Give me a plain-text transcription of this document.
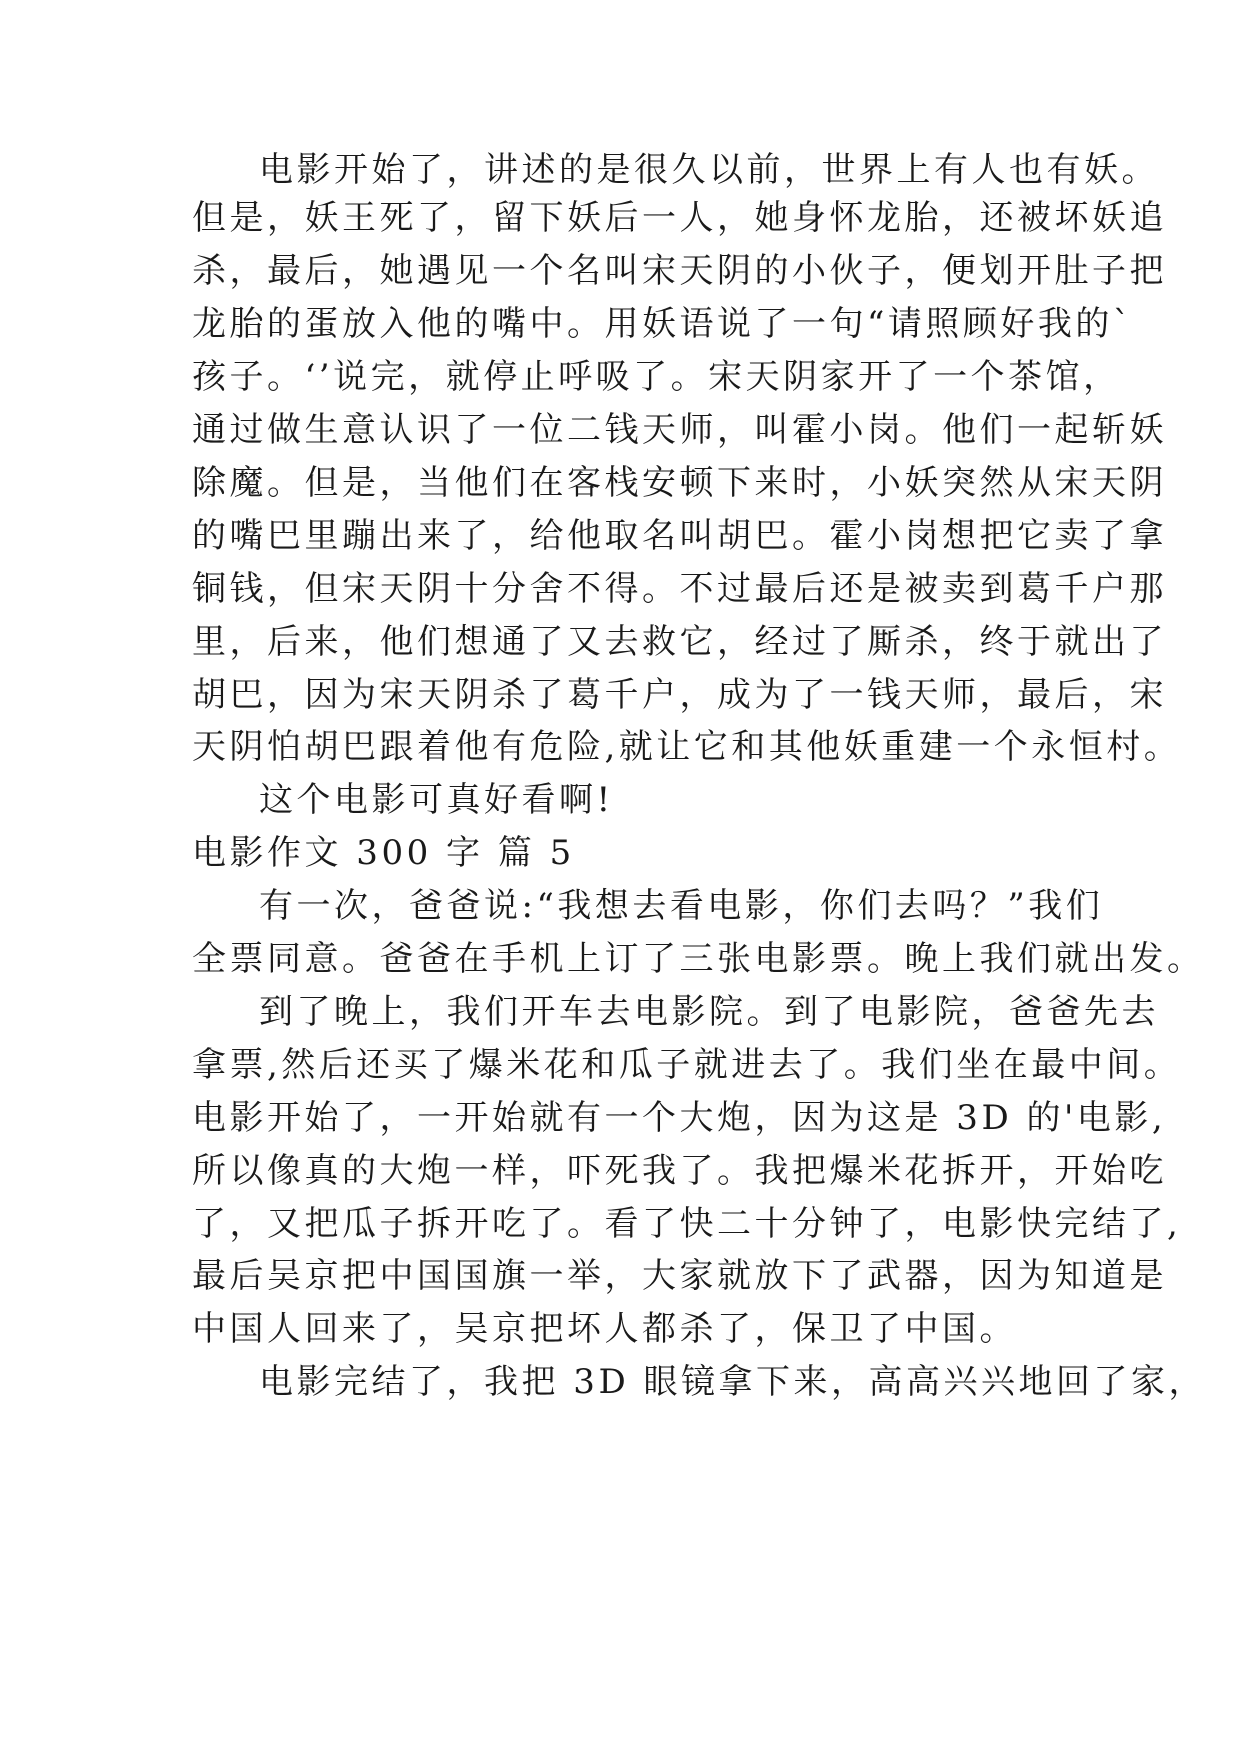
电影开始了，讲述的是很久以前，世界上有人也有妖。
但是，妖王死了，留下妖后一人，她身怀龙胎，还被坏妖追
杀，最后，她遇见一个名叫宋天阴的小伙子，便划开肚子把
龙胎的蛋放入他的嘴中。用妖语说了一句“请照顾好我的`
孩子。‘’说完，就停止呼吸了。宋天阴家开了一个茶馆，
通过做生意认识了一位二钱天师，叫霍小岗。他们一起斩妖
除魔。但是，当他们在客栈安顿下来时，小妖突然从宋天阴
的嘴巴里蹦出来了，给他取名叫胡巴。霍小岗想把它卖了拿
铜钱，但宋天阴十分舍不得。不过最后还是被卖到葛千户那
里，后来，他们想通了又去救它，经过了厮杀，终于就出了
胡巴，因为宋天阴杀了葛千户，成为了一钱天师，最后，宋
天阴怕胡巴跟着他有危险,就让它和其他妖重建一个永恒村。
这个电影可真好看啊!
电影作文 300 字 篇 5
有一次，爸爸说:“我想去看电影，你们去吗？”我们
全票同意。爸爸在手机上订了三张电影票。晚上我们就出发。
到了晚上，我们开车去电影院。到了电影院，爸爸先去
拿票,然后还买了爆米花和瓜子就进去了。我们坐在最中间。
电影开始了，一开始就有一个大炮，因为这是 3D 的'电影,
所以像真的大炮一样，吓死我了。我把爆米花拆开，开始吃
了，又把瓜子拆开吃了。看了快二十分钟了，电影快完结了,
最后吴京把中国国旗一举，大家就放下了武器，因为知道是
中国人回来了，吴京把坏人都杀了，保卫了中国。
电影完结了，我把 3D 眼镜拿下来，高高兴兴地回了家，
